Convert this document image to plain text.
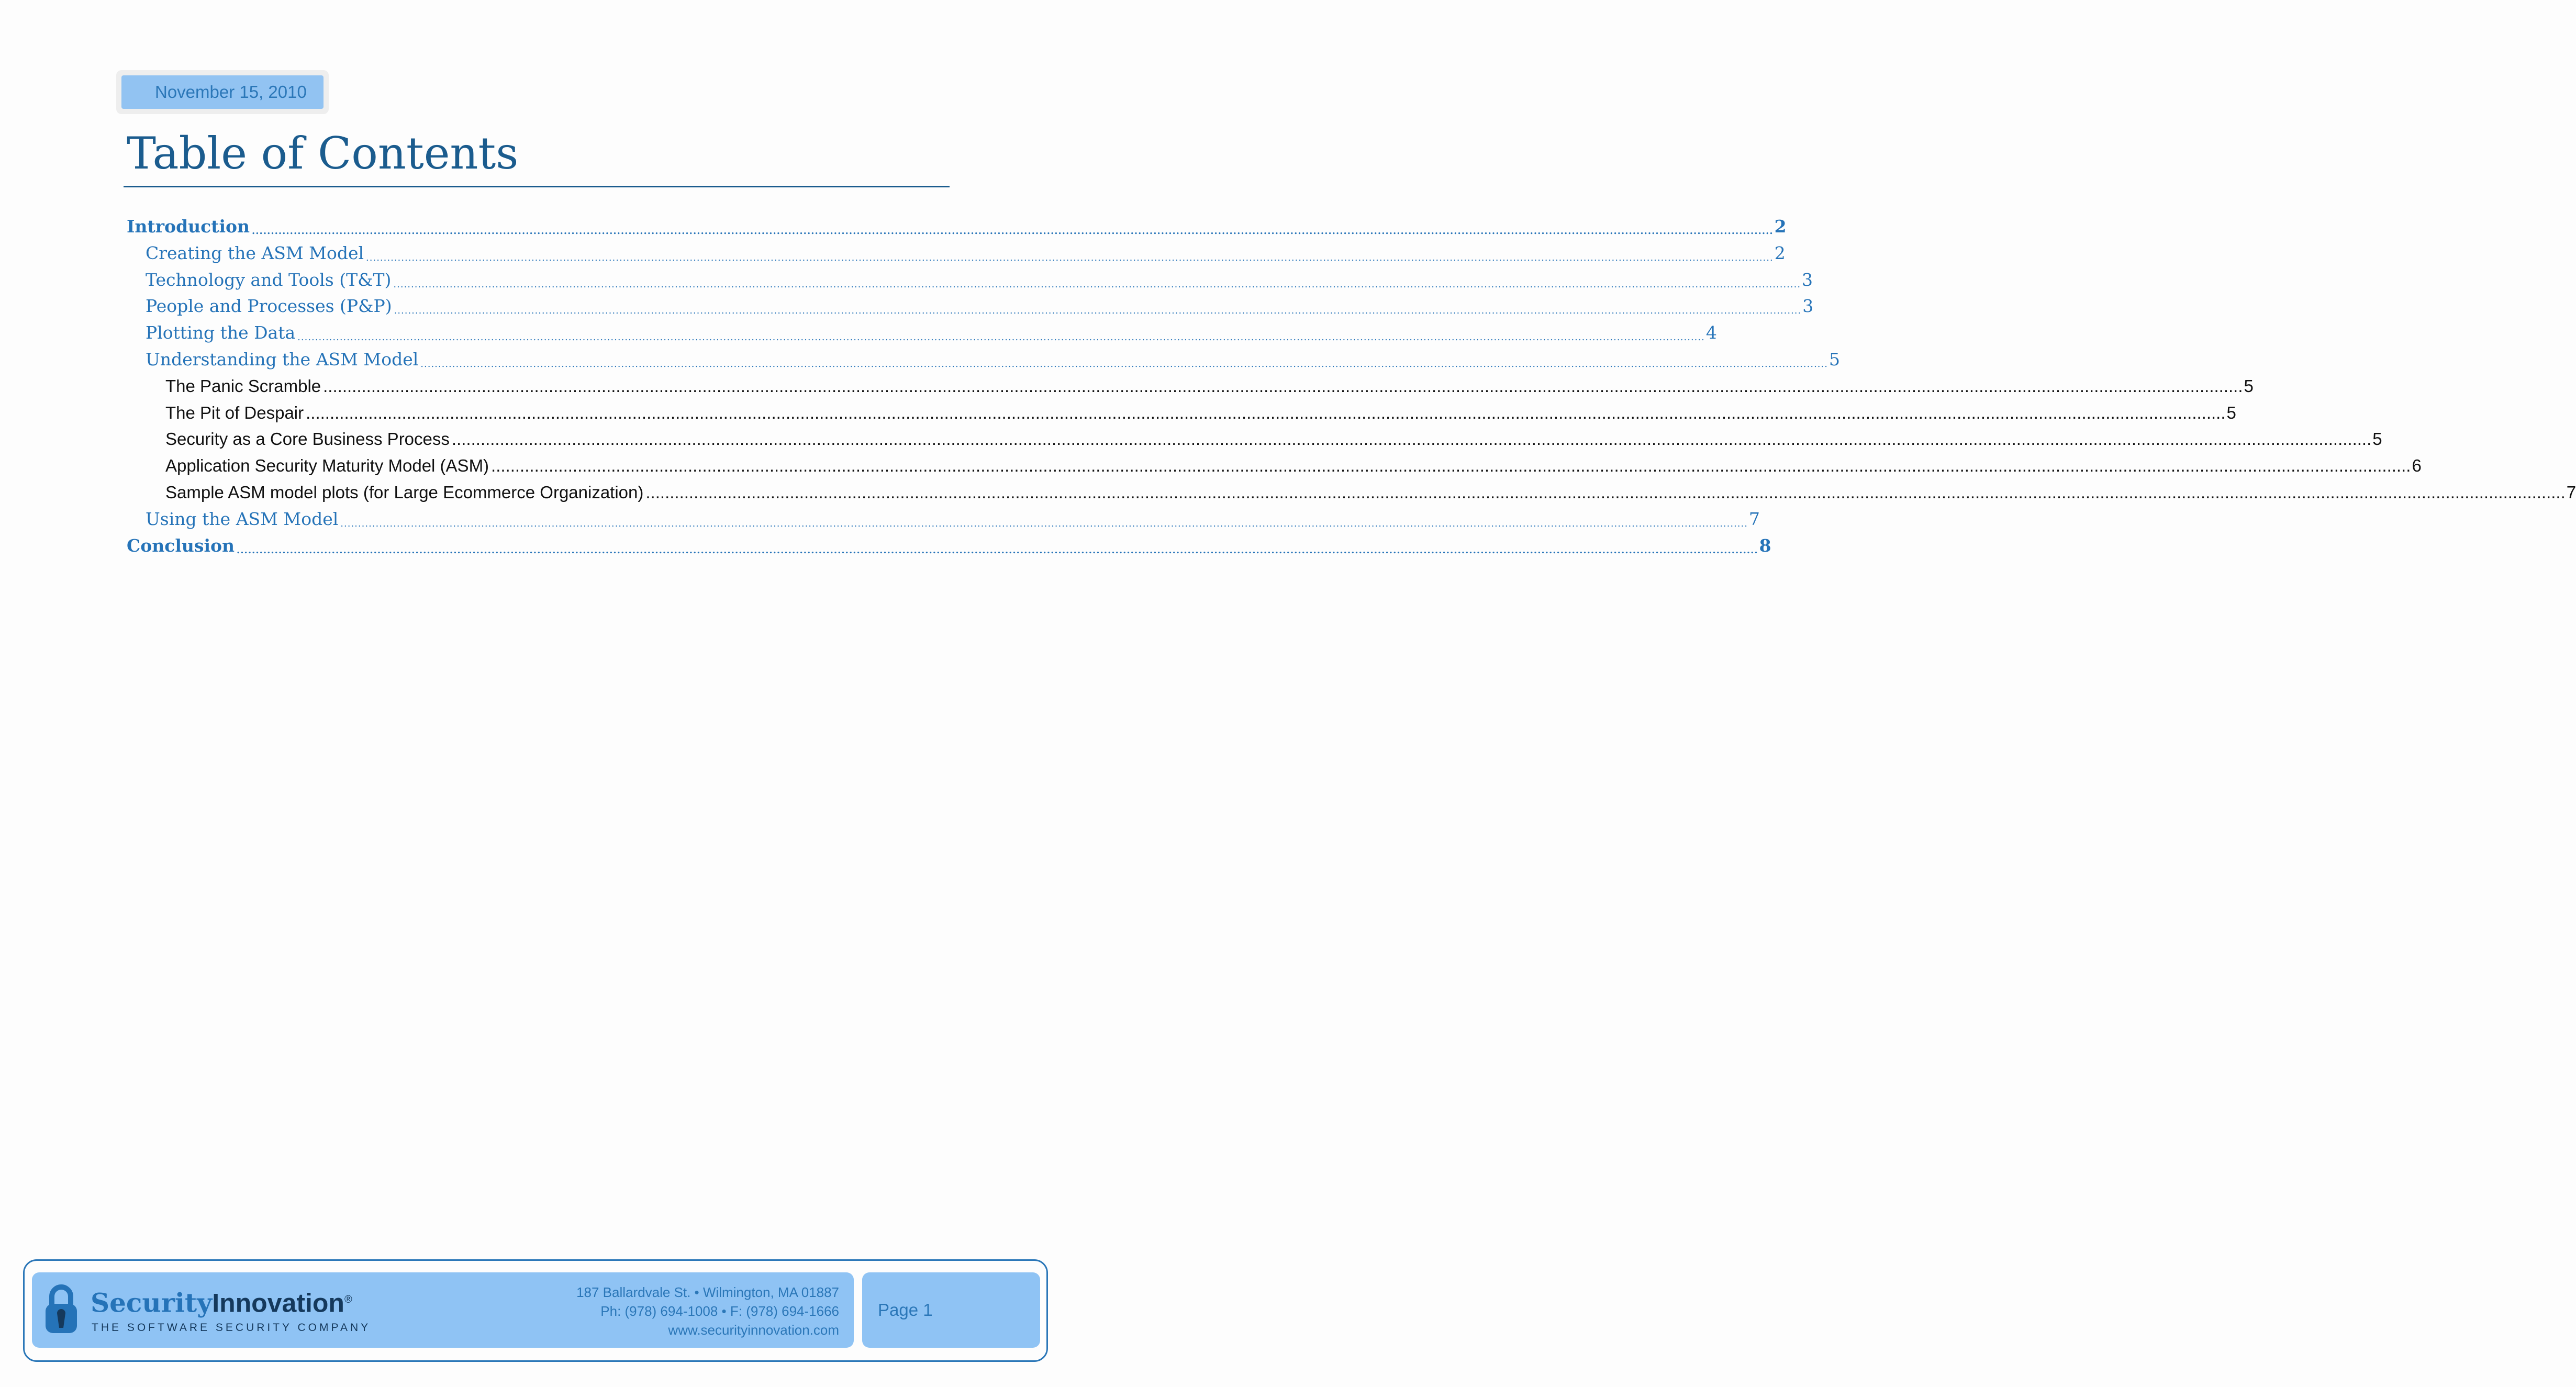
November 15, 2010
Table of Contents
Introduction ................................................................................................................................................................................................................................................................................................................................................................................................................ 2
Creating the ASM Model ................................................................................................................................................................................................................................................................................................................................................................................................................ 2
Technology and Tools (T&T) ................................................................................................................................................................................................................................................................................................................................................................................................................ 3
People and Processes (P&P) ................................................................................................................................................................................................................................................................................................................................................................................................................ 3
Plotting the Data ................................................................................................................................................................................................................................................................................................................................................................................................................ 4
Understanding the ASM Model ................................................................................................................................................................................................................................................................................................................................................................................................................ 5
The Panic Scramble ................................................................................................................................................................................................................................................................................................................................................................................................................ 5
The Pit of Despair ................................................................................................................................................................................................................................................................................................................................................................................................................ 5
Security as a Core Business Process ................................................................................................................................................................................................................................................................................................................................................................................................................ 5
Application Security Maturity Model (ASM) ................................................................................................................................................................................................................................................................................................................................................................................................................ 6
Sample ASM model plots (for Large Ecommerce Organization) ................................................................................................................................................................................................................................................................................................................................................................................................................ 7
Using the ASM Model ................................................................................................................................................................................................................................................................................................................................................................................................................ 7
Conclusion ................................................................................................................................................................................................................................................................................................................................................................................................................ 8
SecurityInnovation®
THE SOFTWARE SECURITY COMPANY
187 Ballardvale St. • Wilmington, MA 01887
Ph: (978) 694-1008 • F: (978) 694-1666
www.securityinnovation.com
Page 1
